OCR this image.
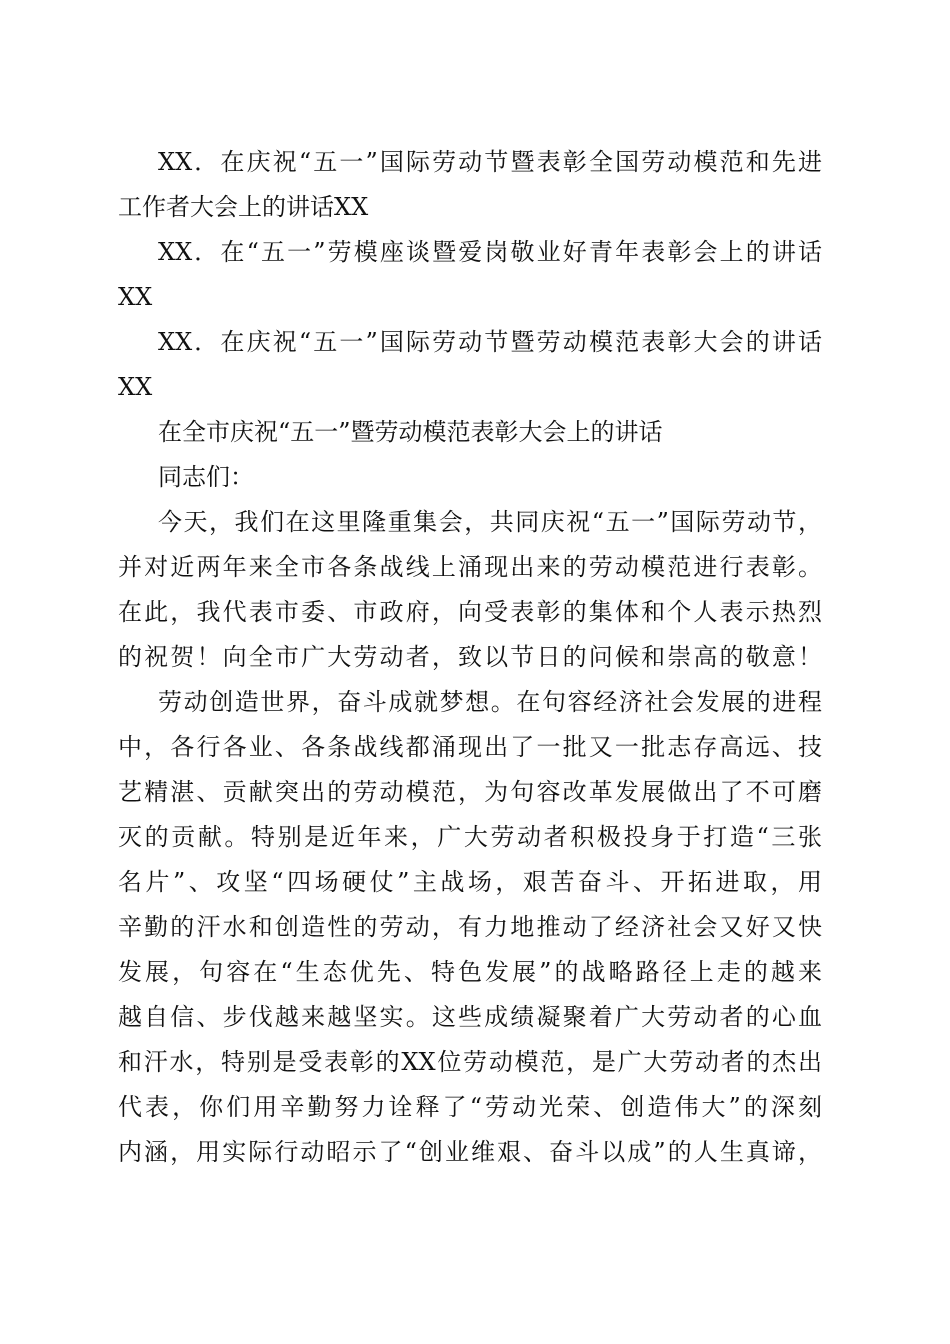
XX．在庆祝“五一”国际劳动节暨表彰全国劳动模范和先进
工作者大会上的讲话XX
XX．在“五一”劳模座谈暨爱岗敬业好青年表彰会上的讲话
XX
XX．在庆祝“五一”国际劳动节暨劳动模范表彰大会的讲话
XX
在全市庆祝“五一”暨劳动模范表彰大会上的讲话
同志们：
今天，我们在这里隆重集会，共同庆祝“五一”国际劳动节，
并对近两年来全市各条战线上涌现出来的劳动模范进行表彰。
在此，我代表市委、市政府，向受表彰的集体和个人表示热烈
的祝贺！向全市广大劳动者，致以节日的问候和崇高的敬意！
劳动创造世界，奋斗成就梦想。在句容经济社会发展的进程
中，各行各业、各条战线都涌现出了一批又一批志存高远、技
艺精湛、贡献突出的劳动模范，为句容改革发展做出了不可磨
灭的贡献。特别是近年来，广大劳动者积极投身于打造“三张
名片”、攻坚“四场硬仗”主战场，艰苦奋斗、开拓进取，用
辛勤的汗水和创造性的劳动，有力地推动了经济社会又好又快
发展，句容在“生态优先、特色发展”的战略路径上走的越来
越自信、步伐越来越坚实。这些成绩凝聚着广大劳动者的心血
和汗水，特别是受表彰的XX位劳动模范，是广大劳动者的杰出
代表，你们用辛勤努力诠释了“劳动光荣、创造伟大”的深刻
内涵，用实际行动昭示了“创业维艰、奋斗以成”的人生真谛，
